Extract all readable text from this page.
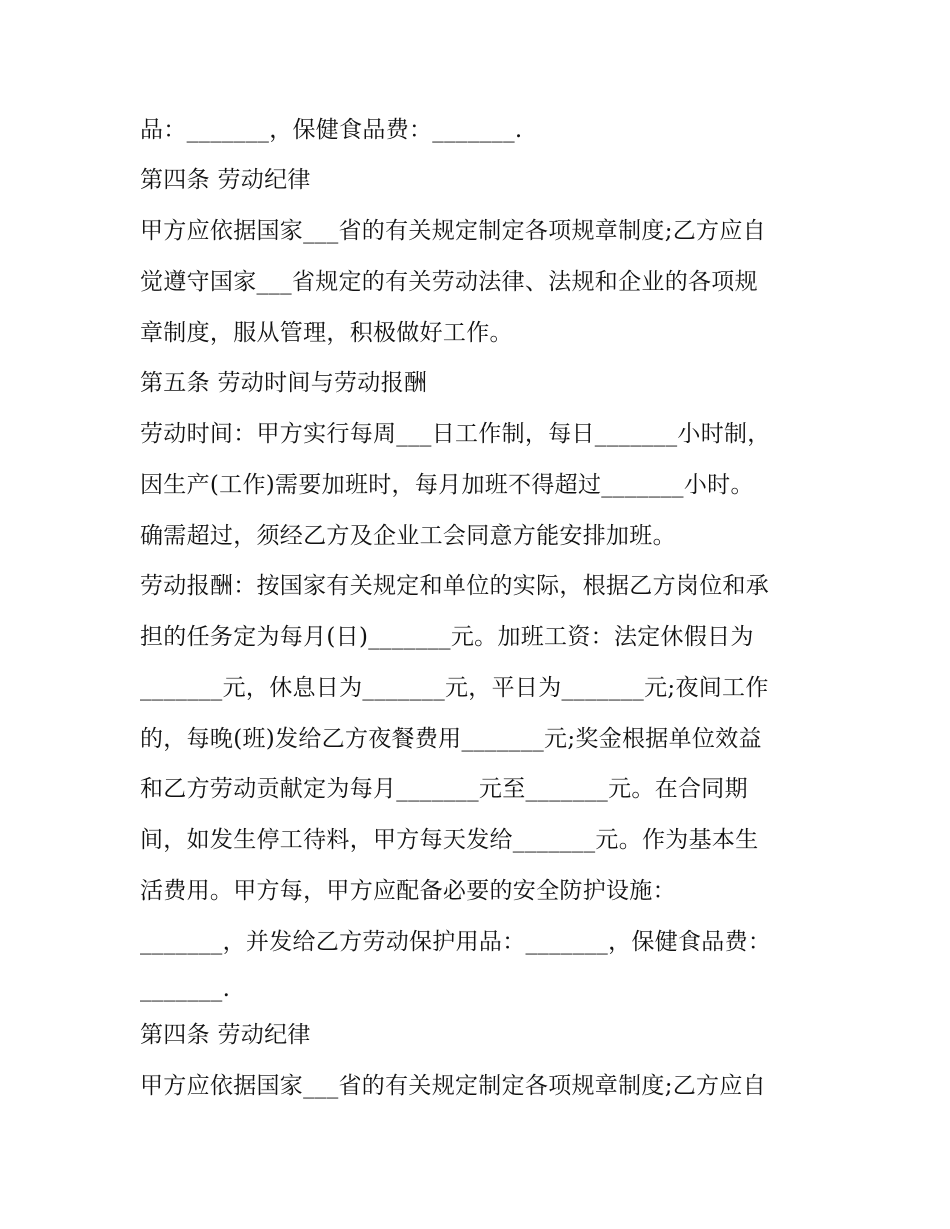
品：_______，保健食品费：_______.

第四条 劳动纪律

甲方应依据国家___省的有关规定制定各项规章制度;乙方应自

觉遵守国家___省规定的有关劳动法律、法规和企业的各项规

章制度，服从管理，积极做好工作。

第五条 劳动时间与劳动报酬

劳动时间：甲方实行每周___日工作制，每日_______小时制，

因生产(工作)需要加班时，每月加班不得超过_______小时。

确需超过，须经乙方及企业工会同意方能安排加班。

劳动报酬：按国家有关规定和单位的实际，根据乙方岗位和承

担的任务定为每月(日)_______元。加班工资：法定休假日为

_______元，休息日为_______元，平日为_______元;夜间工作

的，每晚(班)发给乙方夜餐费用_______元;奖金根据单位效益

和乙方劳动贡献定为每月_______元至_______元。在合同期

间，如发生停工待料，甲方每天发给_______元。作为基本生

活费用。甲方每，甲方应配备必要的安全防护设施：

_______，并发给乙方劳动保护用品：_______，保健食品费：

_______.

第四条 劳动纪律

甲方应依据国家___省的有关规定制定各项规章制度;乙方应自
